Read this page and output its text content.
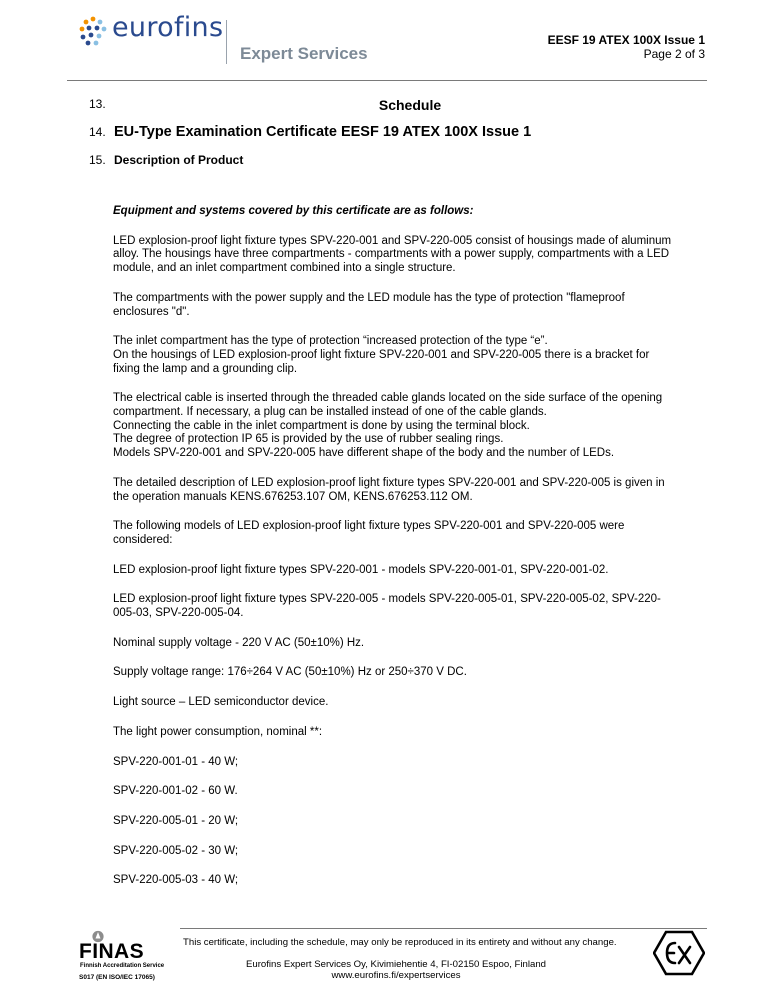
eurofins
Expert Services
EESF 19 ATEX 100X Issue 1
Page 2 of 3
13.	Schedule
14. EU-Type Examination Certificate EESF 19 ATEX 100X Issue 1
15. Description of Product

Equipment and systems covered by this certificate are as follows:

LED explosion-proof light fixture types SPV-220-001 and SPV-220-005 consist of housings made of aluminum alloy. The housings have three compartments - compartments with a power supply, compartments with a LED module, and an inlet compartment combined into a single structure.

The compartments with the power supply and the LED module has the type of protection "flameproof enclosures "d".

The inlet compartment has the type of protection “increased protection of the type “e”.

On the housings of LED explosion-proof light fixture SPV-220-001 and SPV-220-005 there is a bracket for fixing the lamp and a grounding clip.

The electrical cable is inserted through the threaded cable glands located on the side surface of the opening compartment. If necessary, a plug can be installed instead of one of the cable glands.

Connecting the cable in the inlet compartment is done by using the terminal block.

The degree of protection IP 65 is provided by the use of rubber sealing rings.

Models SPV-220-001 and SPV-220-005 have different shape of the body and the number of LEDs.

The detailed description of LED explosion-proof light fixture types SPV-220-001 and SPV-220-005 is given in the operation manuals KENS.676253.107 OM, KENS.676253.112 OM.

The following models of LED explosion-proof light fixture types SPV-220-001 and SPV-220-005 were considered:

LED explosion-proof light fixture types SPV-220-001 - models SPV-220-001-01, SPV-220-001-02.

LED explosion-proof light fixture types SPV-220-005 - models SPV-220-005-01, SPV-220-005-02, SPV-220-005-03, SPV-220-005-04.

Nominal supply voltage - 220 V AC (50±10%) Hz.

Supply voltage range: 176÷264 V AC (50±10%) Hz or 250÷370 V DC.

Light source – LED semiconductor device.

The light power consumption, nominal **:

SPV-220-001-01 - 40 W;

SPV-220-001-02 - 60 W.

SPV-220-005-01 - 20 W;

SPV-220-005-02 - 30 W;

SPV-220-005-03 - 40 W;

FINAS
Finnish Accreditation Service
S017 (EN ISO/IEC 17065)
This certificate, including the schedule, may only be reproduced in its entirety and without any change.
Eurofins Expert Services Oy, Kivimiehentie 4, FI-02150 Espoo, Finland
www.eurofins.fi/expertservices
